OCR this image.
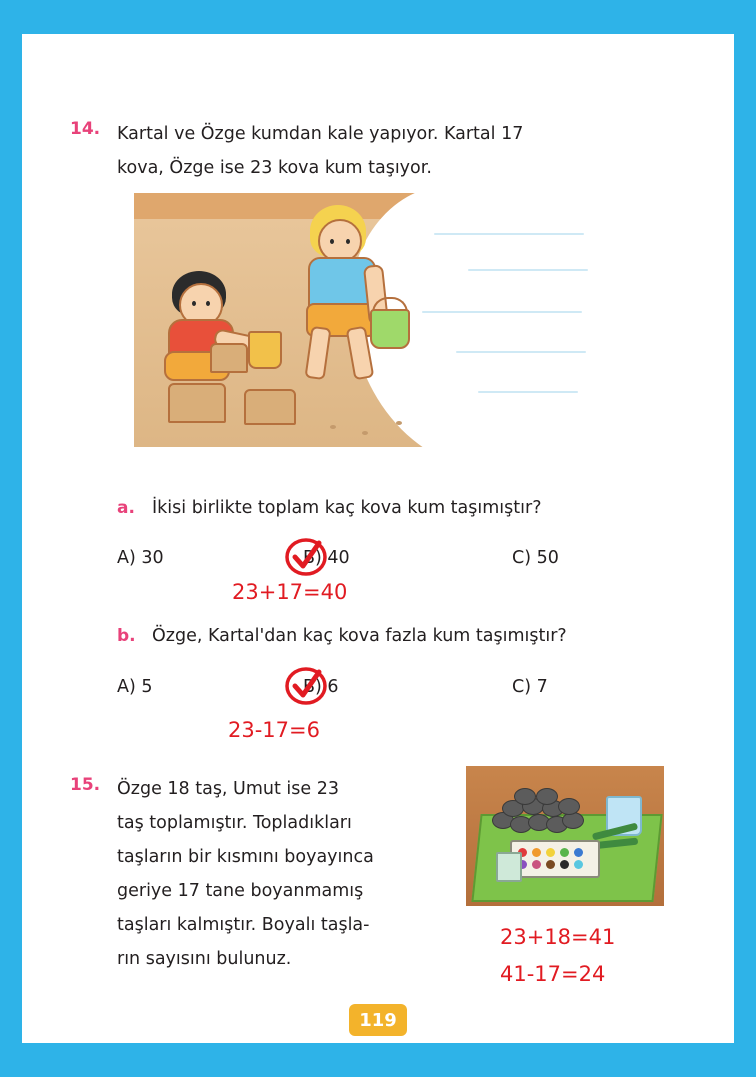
14. Kartal ve Özge kumdan kale yapıyor. Kartal 17
kova, Özge ise 23 kova kum taşıyor.
a. İkisi birlikte toplam kaç kova kum taşımıştır?
A) 30	B) 40	C) 50
23+17=40
b. Özge, Kartal'dan kaç kova fazla kum taşımıştır?
A) 5	B) 6	C) 7
23-17=6
15. Özge 18 taş, Umut ise 23
taş toplamıştır. Topladıkları
taşların bir kısmını boyayınca
geriye 17 tane boyanmamış
taşları kalmıştır. Boyalı taşla-
rın sayısını bulunuz.
23+18=41
41-17=24
119
